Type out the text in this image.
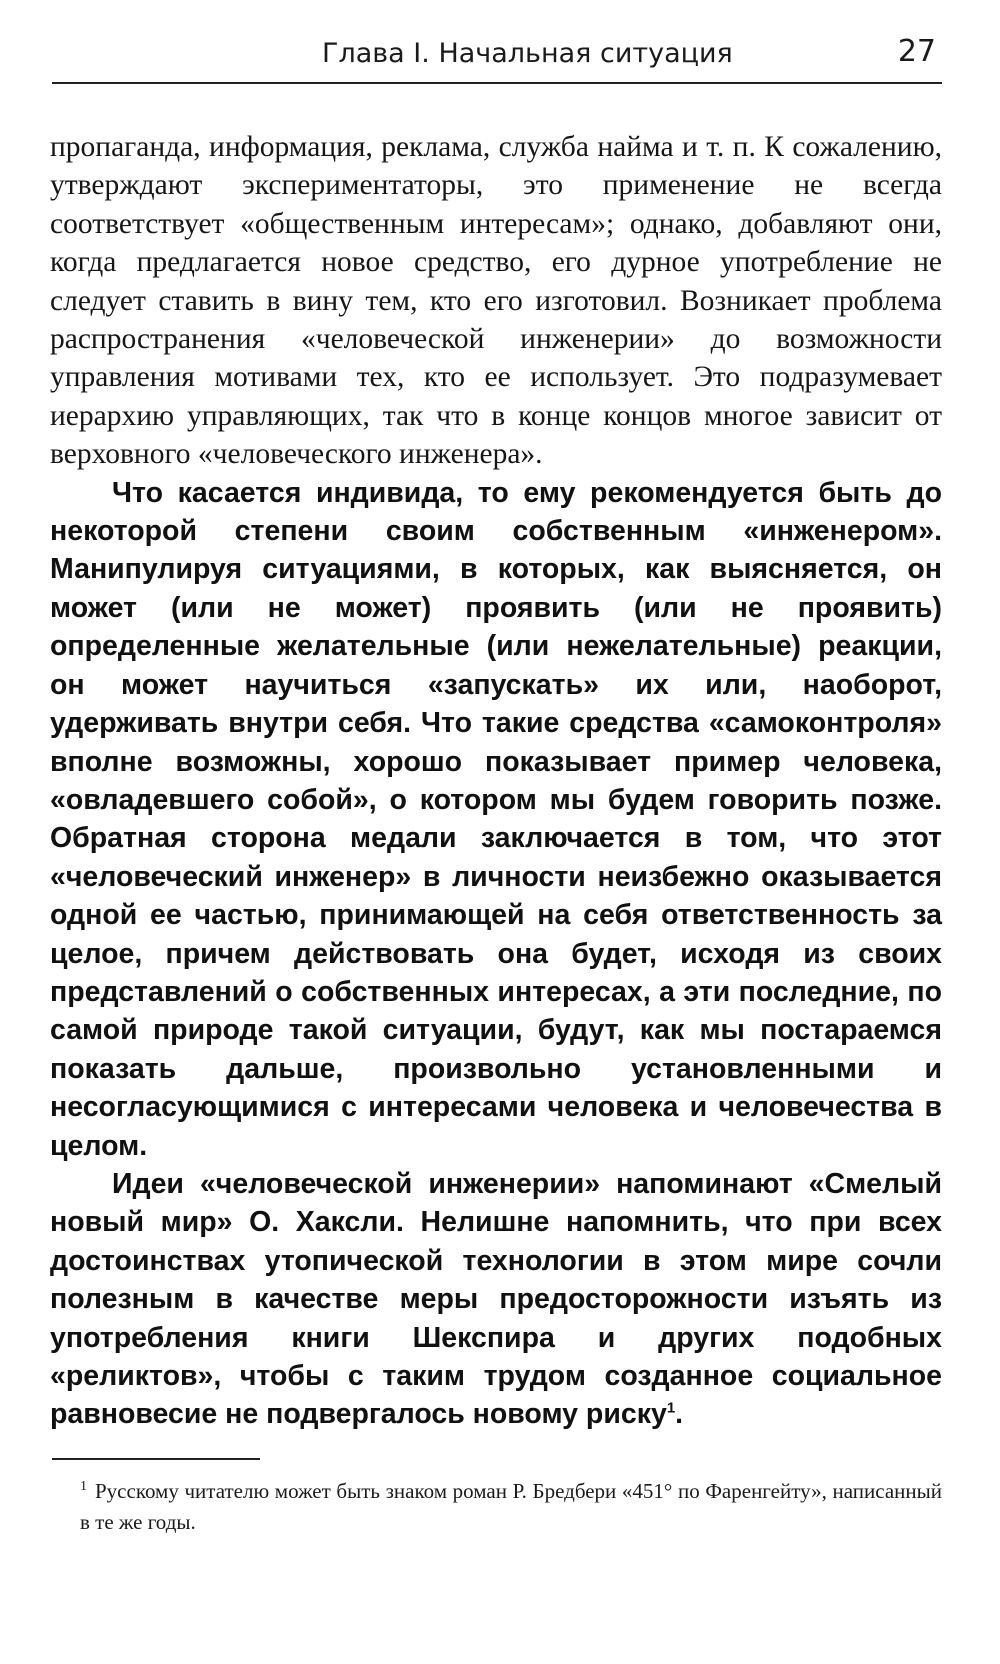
Глава I. Начальная ситуация	27

пропаганда, информация, реклама, служба найма и т. п. К сожалению, утверждают экспериментаторы, это применение не всегда соответствует «общественным интересам»; однако, добавляют они, когда предлагается новое средство, его дурное употребление не следует ставить в вину тем, кто его изготовил. Возникает проблема распространения «человеческой инженерии» до возможности управления мотивами тех, кто ее использует. Это подразумевает иерархию управляющих, так что в конце концов многое зависит от верховного «человеческого инженера».

Что касается индивида, то ему рекомендуется быть до некоторой степени своим собственным «инженером». Манипулируя ситуациями, в которых, как выясняется, он может (или не может) проявить (или не проявить) определенные желательные (или нежелательные) реакции, он может научиться «запускать» их или, наоборот, удерживать внутри себя. Что такие средства «самоконтроля» вполне возможны, хорошо показывает пример человека, «овладевшего собой», о котором мы будем говорить позже. Обратная сторона медали заключается в том, что этот «человеческий инженер» в личности неизбежно оказывается одной ее частью, принимающей на себя ответственность за целое, причем действовать она будет, исходя из своих представлений о собственных интересах, а эти последние, по самой природе такой ситуации, будут, как мы постараемся показать дальше, произвольно установленными и несогласующимися с интересами человека и человечества в целом.

Идеи «человеческой инженерии» напоминают «Смелый новый мир» О. Хаксли. Нелишне напомнить, что при всех достоинствах утопической технологии в этом мире сочли полезным в качестве меры предосторожности изъять из употребления книги Шекспира и других подобных «реликтов», чтобы с таким трудом созданное социальное равновесие не подвергалось новому риску$^1$.

$^1$ Русскому читателю может быть знаком роман Р. Бредбери «451° по Фаренгейту», написанный в те же годы.
